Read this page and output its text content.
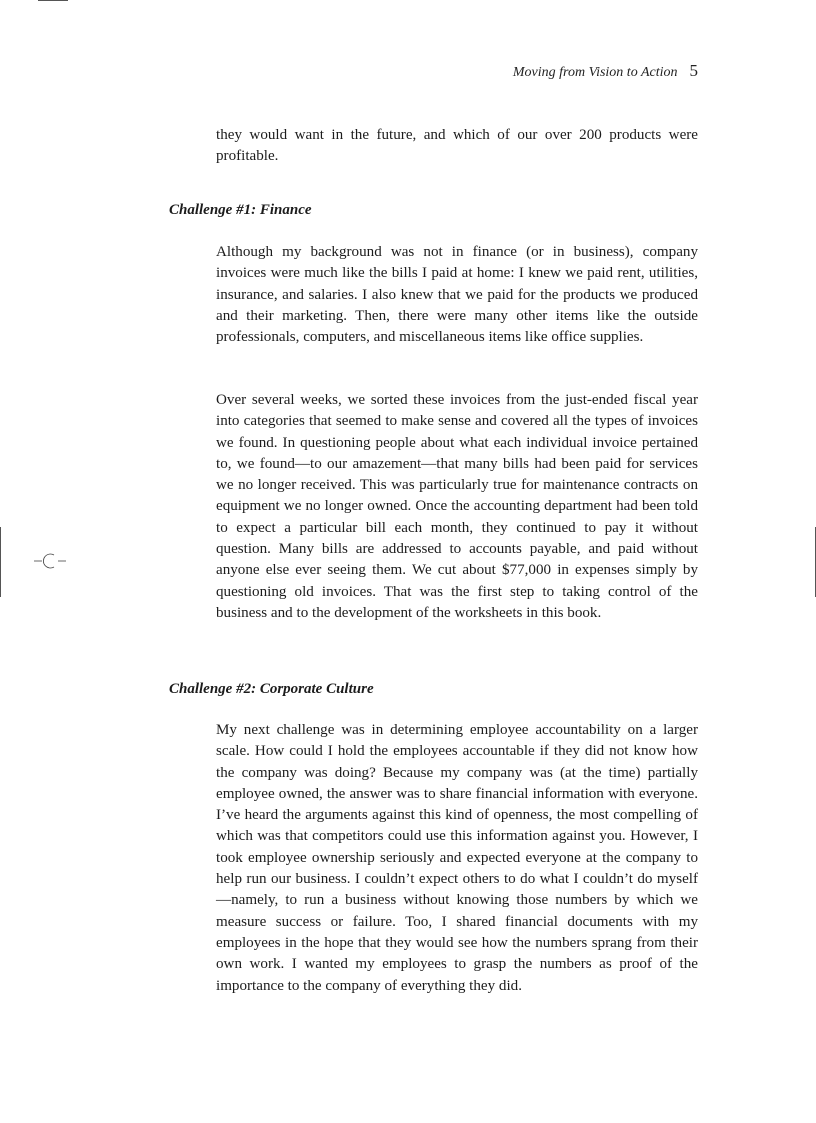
Moving from Vision to Action 5

they would want in the future, and which of our over 200 products were profitable.

Challenge #1: Finance

Although my background was not in finance (or in business), company invoices were much like the bills I paid at home: I knew we paid rent, utilities, insurance, and salaries. I also knew that we paid for the products we produced and their marketing. Then, there were many other items like the outside professionals, computers, and miscellaneous items like office supplies.

Over several weeks, we sorted these invoices from the just-ended fiscal year into categories that seemed to make sense and covered all the types of invoices we found. In questioning people about what each individual invoice pertained to, we found—to our amazement—that many bills had been paid for services we no longer received. This was particularly true for maintenance contracts on equipment we no longer owned. Once the accounting department had been told to expect a particular bill each month, they continued to pay it without question. Many bills are addressed to accounts payable, and paid without anyone else ever seeing them. We cut about $77,000 in expenses simply by questioning old invoices. That was the first step to taking control of the business and to the development of the worksheets in this book.

Challenge #2: Corporate Culture

My next challenge was in determining employee accountability on a larger scale. How could I hold the employees accountable if they did not know how the company was doing? Because my company was (at the time) partially employee owned, the answer was to share financial information with everyone. I’ve heard the arguments against this kind of openness, the most compelling of which was that competitors could use this information against you. However, I took employee ownership seriously and expected everyone at the company to help run our business. I couldn’t expect others to do what I couldn’t do myself—namely, to run a business without knowing those numbers by which we measure success or failure. Too, I shared financial documents with my employees in the hope that they would see how the numbers sprang from their own work. I wanted my employees to grasp the numbers as proof of the importance to the company of everything they did.
